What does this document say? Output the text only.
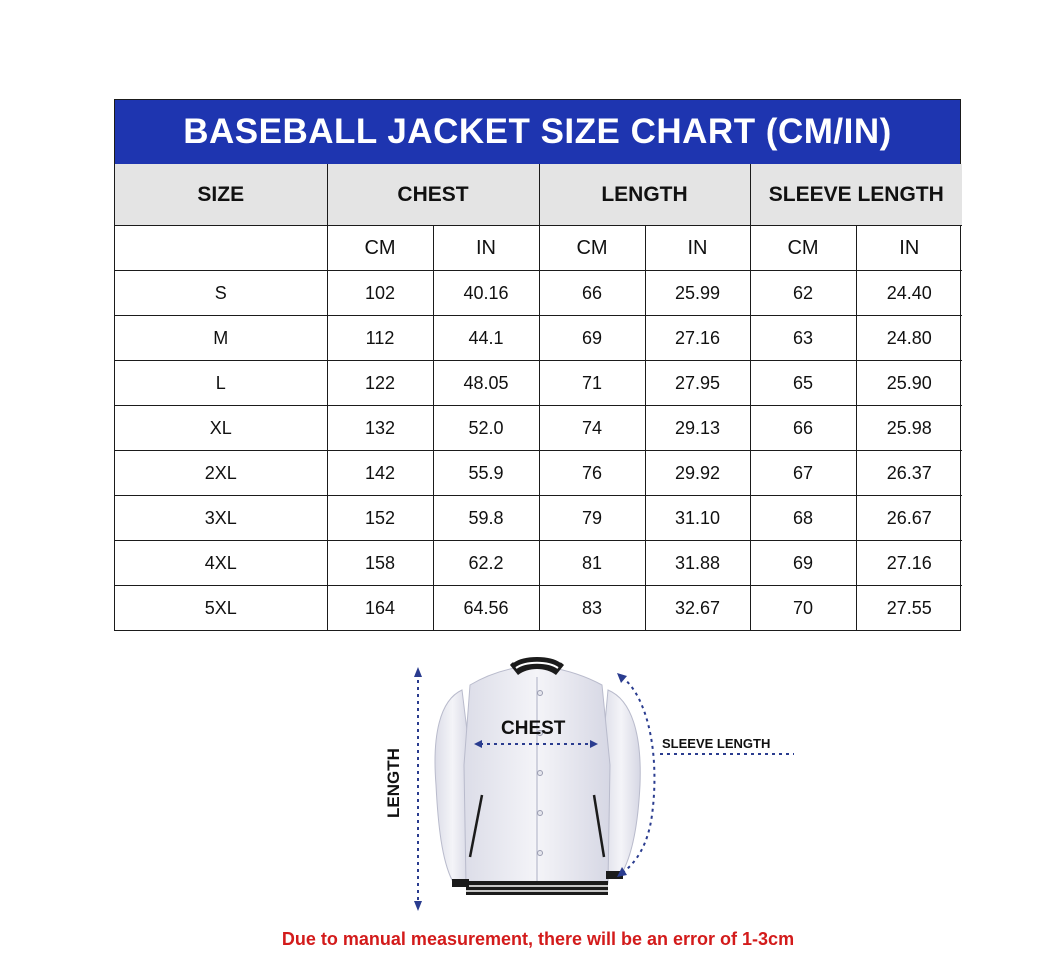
BASEBALL JACKET SIZE CHART (CM/IN)
SIZE	CHEST		LENGTH		SLEEVE LENGTH	
	CM	IN	CM	IN	CM	IN
S	102	40.16	66	25.99	62	24.40
M	112	44.1	69	27.16	63	24.80
L	122	48.05	71	27.95	65	25.90
XL	132	52.0	74	29.13	66	25.98
2XL	142	55.9	76	29.92	67	26.37
3XL	152	59.8	79	31.10	68	26.67
4XL	158	62.2	81	31.88	69	27.16
5XL	164	64.56	83	32.67	70	27.55
CHEST
SLEEVE LENGTH
LENGTH
Due to manual measurement, there will be an error of 1-3cm
